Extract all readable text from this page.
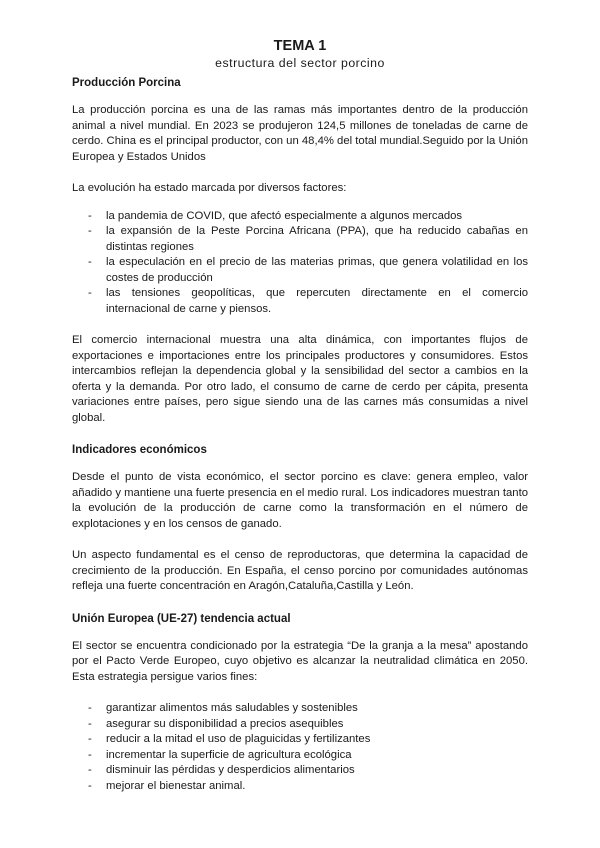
TEMA 1
estructura del sector porcino
Producción Porcina

La producción porcina es una de las ramas más importantes dentro de la producción animal a nivel mundial. En 2023 se produjeron 124,5 millones de toneladas de carne de cerdo. China es el principal productor, con un 48,4% del total mundial.Seguido por la Unión Europea y Estados Unidos

La evolución ha estado marcada por diversos factores:

- la pandemia de COVID, que afectó especialmente a algunos mercados
- la expansión de la Peste Porcina Africana (PPA), que ha reducido cabañas en distintas regiones
- la especulación en el precio de las materias primas, que genera volatilidad en los costes de producción
- las tensiones geopolíticas, que repercuten directamente en el comercio internacional de carne y piensos.

El comercio internacional muestra una alta dinámica, con importantes flujos de exportaciones e importaciones entre los principales productores y consumidores. Estos intercambios reflejan la dependencia global y la sensibilidad del sector a cambios en la oferta y la demanda. Por otro lado, el consumo de carne de cerdo per cápita, presenta variaciones entre países, pero sigue siendo una de las carnes más consumidas a nivel global.

Indicadores económicos

Desde el punto de vista económico, el sector porcino es clave: genera empleo, valor añadido y mantiene una fuerte presencia en el medio rural. Los indicadores muestran tanto la evolución de la producción de carne como la transformación en el número de explotaciones y en los censos de ganado.

Un aspecto fundamental es el censo de reproductoras, que determina la capacidad de crecimiento de la producción. En España, el censo porcino por comunidades autónomas refleja una fuerte concentración en Aragón,Cataluña,Castilla y León.

Unión Europea (UE-27) tendencia actual

El sector se encuentra condicionado por la estrategia “De la granja a la mesa” apostando por el Pacto Verde Europeo, cuyo objetivo es alcanzar la neutralidad climática en 2050. Esta estrategia persigue varios fines:

- garantizar alimentos más saludables y sostenibles
- asegurar su disponibilidad a precios asequibles
- reducir a la mitad el uso de plaguicidas y fertilizantes
- incrementar la superficie de agricultura ecológica
- disminuir las pérdidas y desperdicios alimentarios
- mejorar el bienestar animal.
